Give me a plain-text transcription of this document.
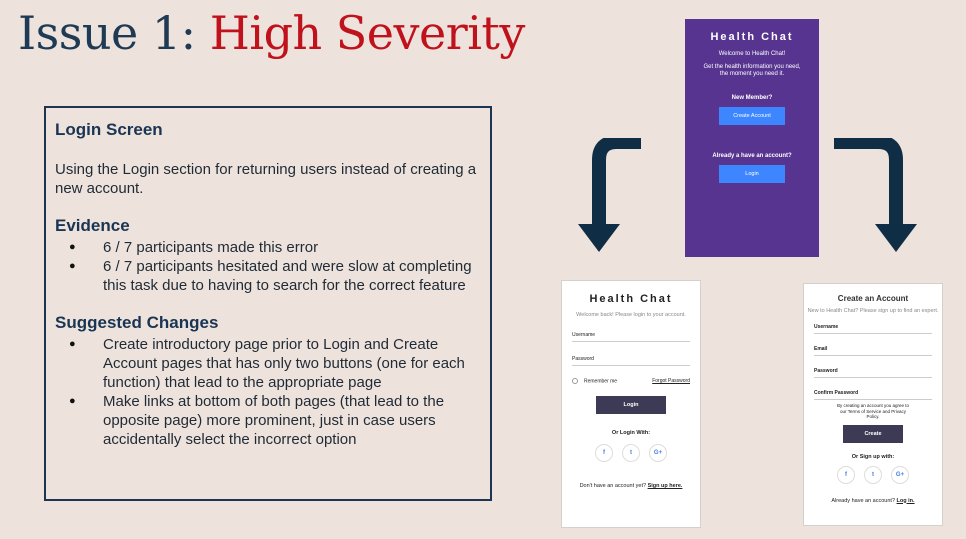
Issue 1: High Severity
Login Screen

Using the Login section for returning users instead of creating a new account.

Evidence
● 6 / 7 participants made this error
● 6 / 7 participants hesitated and were slow at completing this task due to having to search for the correct feature
Suggested Changes
● Create introductory page prior to Login and Create Account pages that has only two buttons (one for each function) that lead to the appropriate page
● Make links at bottom of both pages (that lead to the opposite page) more prominent, just in case users accidentally select the incorrect option
Health Chat
Welcome to Health Chat!
Get the health information you need, the moment you need it.
New Member?
Create Account
Already a have an account?
Login
Health Chat
Welcome back! Please login to your account.
Username
Password
Remember me	Forgot Password
Login
Or Login With:
f	t	G+
Don't have an account yet? Sign up here.
Create an Account
New to Health Chat? Please sign up to find an expert.
Username
Email
Password
Confirm Password
By creating an account you agree to our Terms of Service and Privacy Policy.
Create
Or Sign up with:
f	t	G+
Already have an account? Log in.
